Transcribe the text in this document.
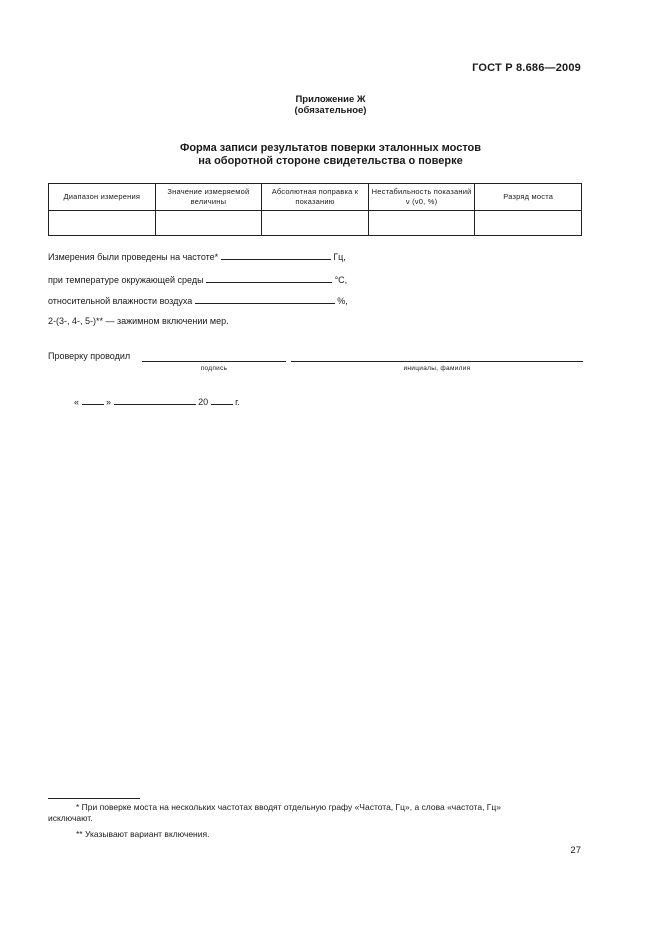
ГОСТ Р 8.686—2009
Приложение Ж
(обязательное)
Форма записи результатов поверки эталонных мостов
на оборотной стороне свидетельства о поверке
Диапазон измерения	Значение измеряемой величины	Абсолютная поправка к показанию	Нестабильность показаний ν (ν0, %)	Разряд моста

Измерения были проведены на частоте*	Гц,
при температуре окружающей среды	°С,
относительной влажности воздуха	%,
2-(3-, 4-, 5-)** — зажимном включении мер.
Проверку проводил
подпись	инициалы, фамилия
«	»	20	г.
* При поверке моста на нескольких частотах вводят отдельную графу «Частота, Гц», а слова «частота, Гц»
исключают.
** Указывают вариант включения.
27
